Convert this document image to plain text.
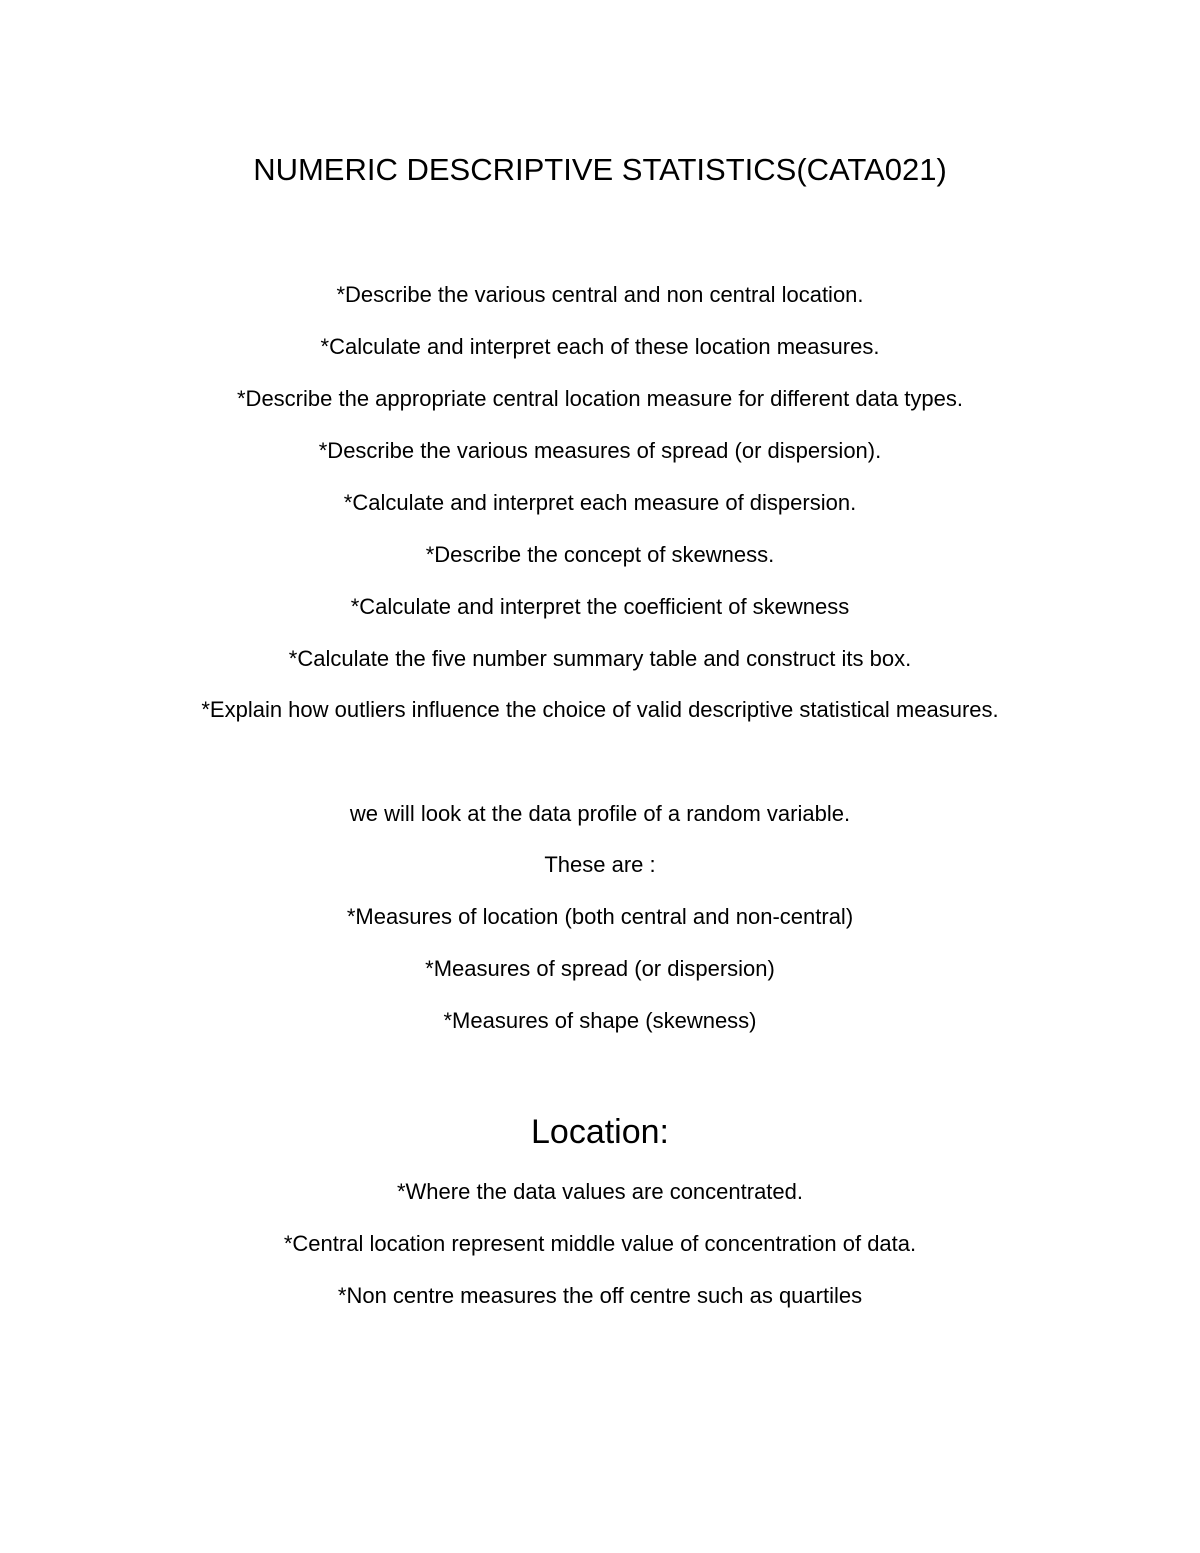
NUMERIC DESCRIPTIVE STATISTICS(CATA021)

*Describe the various central and non central location.

*Calculate and interpret each of these location measures.

*Describe the appropriate central location measure for different data types.

*Describe the various measures of spread (or dispersion).

*Calculate and interpret each measure of dispersion.

*Describe the concept of skewness.

*Calculate and interpret the coefficient of skewness

*Calculate the five number summary table and construct its box.

*Explain how outliers influence the choice of valid descriptive statistical measures.

we will look at the data profile of a random variable.

These are :

*Measures of location (both central and non-central)

*Measures of spread (or dispersion)

*Measures of shape (skewness)

Location:

*Where the data values are concentrated.

*Central location represent middle value of concentration of data.

*Non centre measures the off centre such as quartiles
